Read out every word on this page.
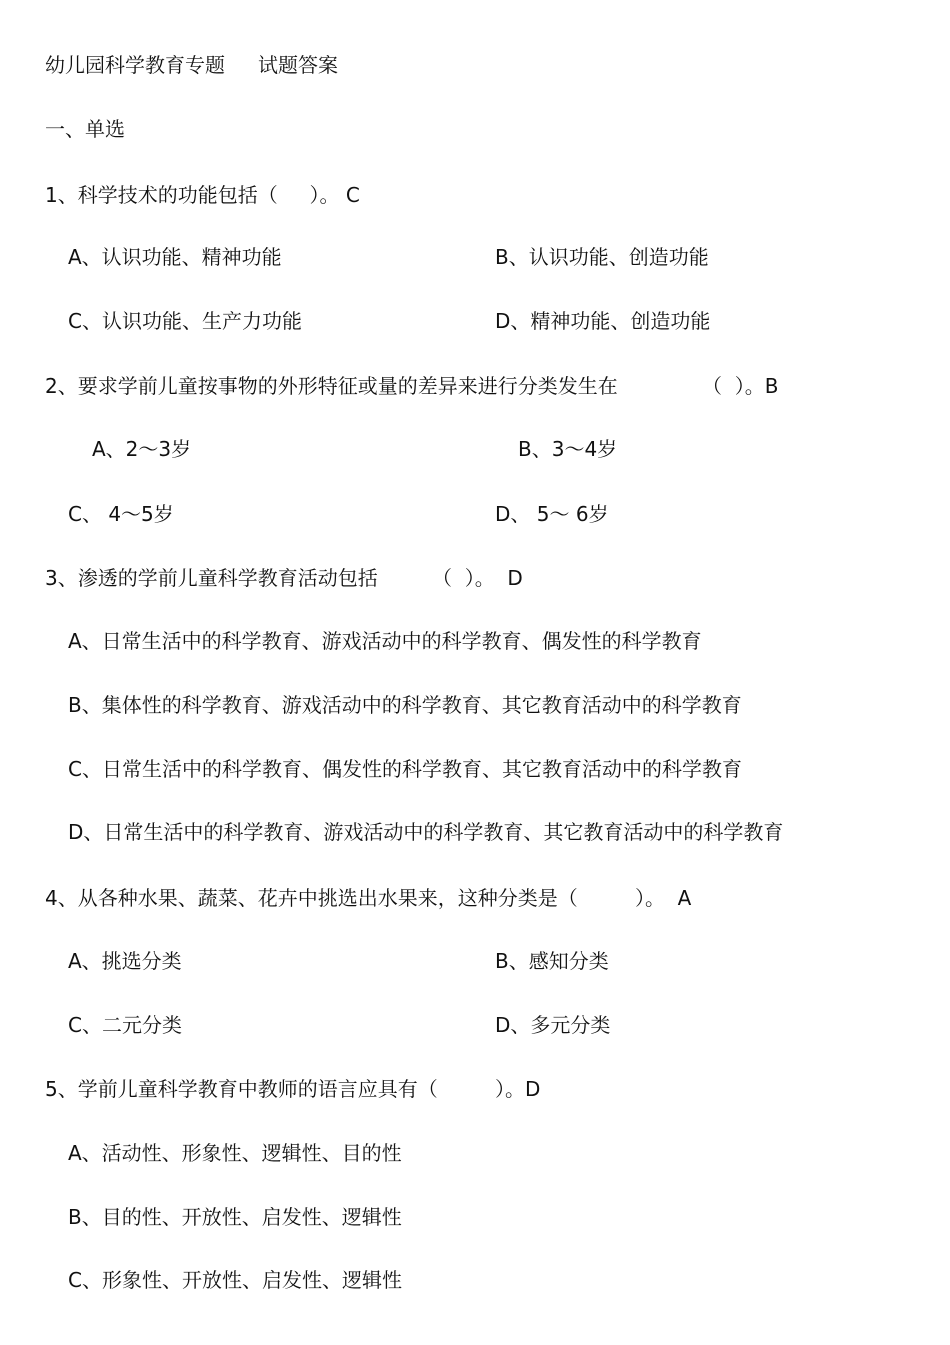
幼儿园科学教育专题 试题答案
一、单选
1、科学技术的功能包括（     ）。 C
A、认识功能、精神功能	B、认识功能、创造功能
C、认识功能、生产力功能	D、精神功能、创造功能
2、要求学前儿童按事物的外形特征或量的差异来进行分类发生在	（  ）。B
A、2～3岁	B、3～4岁
C、 4～5岁	D、 5～ 6岁
3、渗透的学前儿童科学教育活动包括	（  ）。  D
A、日常生活中的科学教育、游戏活动中的科学教育、偶发性的科学教育
B、集体性的科学教育、游戏活动中的科学教育、其它教育活动中的科学教育
C、日常生活中的科学教育、偶发性的科学教育、其它教育活动中的科学教育
D、日常生活中的科学教育、游戏活动中的科学教育、其它教育活动中的科学教育
4、从各种水果、蔬菜、花卉中挑选出水果来，这种分类是（         ）。  A
A、挑选分类	B、感知分类
C、二元分类	D、多元分类
5、学前儿童科学教育中教师的语言应具有（         ）。D
A、活动性、形象性、逻辑性、目的性
B、目的性、开放性、启发性、逻辑性
C、形象性、开放性、启发性、逻辑性
